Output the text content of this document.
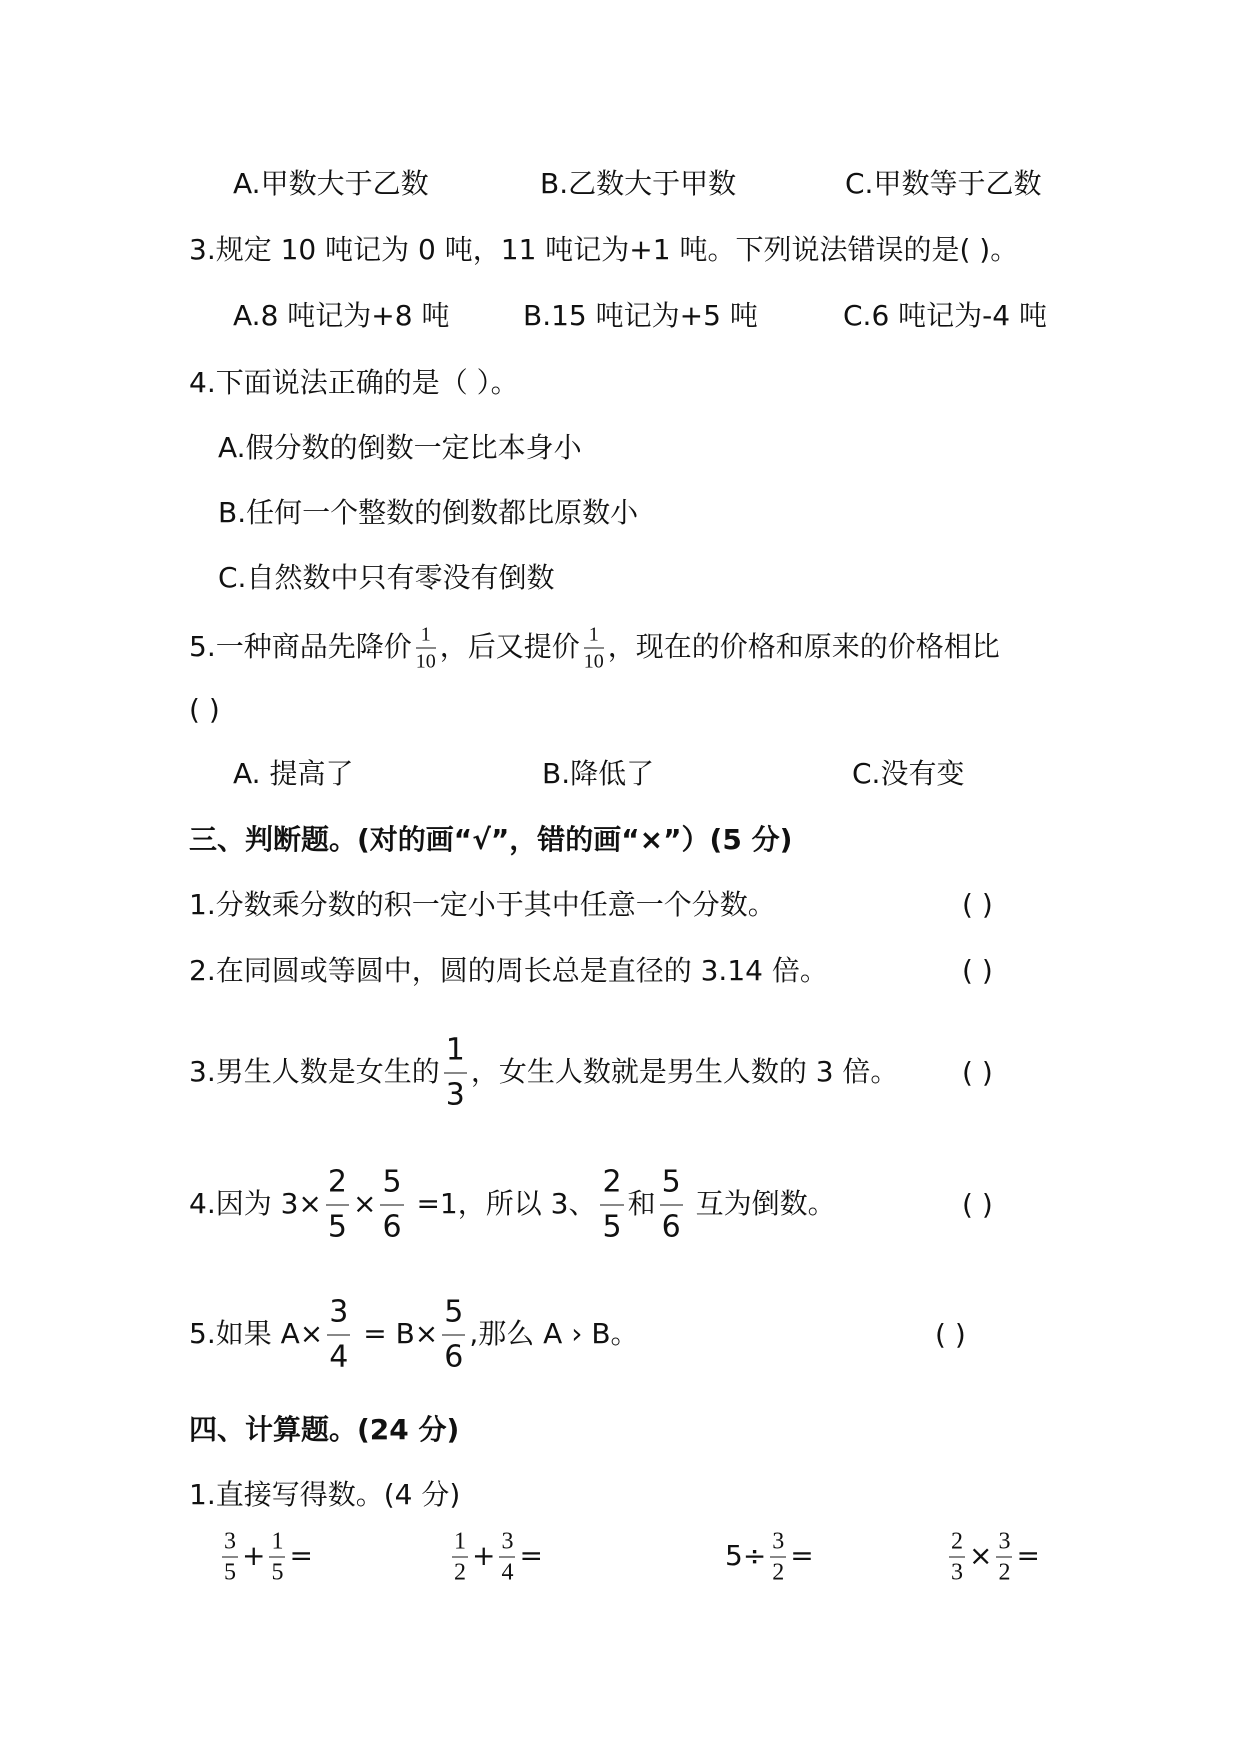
A.甲数大于乙数	B.乙数大于甲数	C.甲数等于乙数
3.规定 10 吨记为 0 吨，11 吨记为+1 吨。下列说法错误的是( )。
A.8 吨记为+8 吨	B.15 吨记为+5 吨	C.6 吨记为-4 吨
4.下面说法正确的是（ ）。
A.假分数的倒数一定比本身小
B.任何一个整数的倒数都比原数小
C.自然数中只有零没有倒数
5.一种商品先降价 $\frac{1}{10}$ ，后又提价 $\frac{1}{10}$ ，现在的价格和原来的价格相比
( )
A. 提高了	B.降低了	C.没有变
三、判断题。(对的画“√”，错的画“×”）(5 分)
1.分数乘分数的积一定小于其中任意一个分数。	( )
2.在同圆或等圆中，圆的周长总是直径的 3.14 倍。	( )
3.男生人数是女生的 $\frac{1}{3}$ ，女生人数就是男生人数的 3 倍。 ( )
4.因为 $3\times \frac{2}{5} \times \frac{5}{6} =1$，所以 3、 $\frac{2}{5}$ 和 $\frac{5}{6}$ 互为倒数。	( )
5.如果 $A\times \frac{3}{4} = B\times \frac{5}{6}$ ,那么 A › B。	( )
四、计算题。(24 分)
1.直接写得数。(4 分)
$\frac{3}{5} + \frac{1}{5}$ =	$\frac{1}{2} + \frac{3}{4}$ =	$5\div \frac{3}{2}$ =	$\frac{2}{3} \times \frac{3}{2}$ =
